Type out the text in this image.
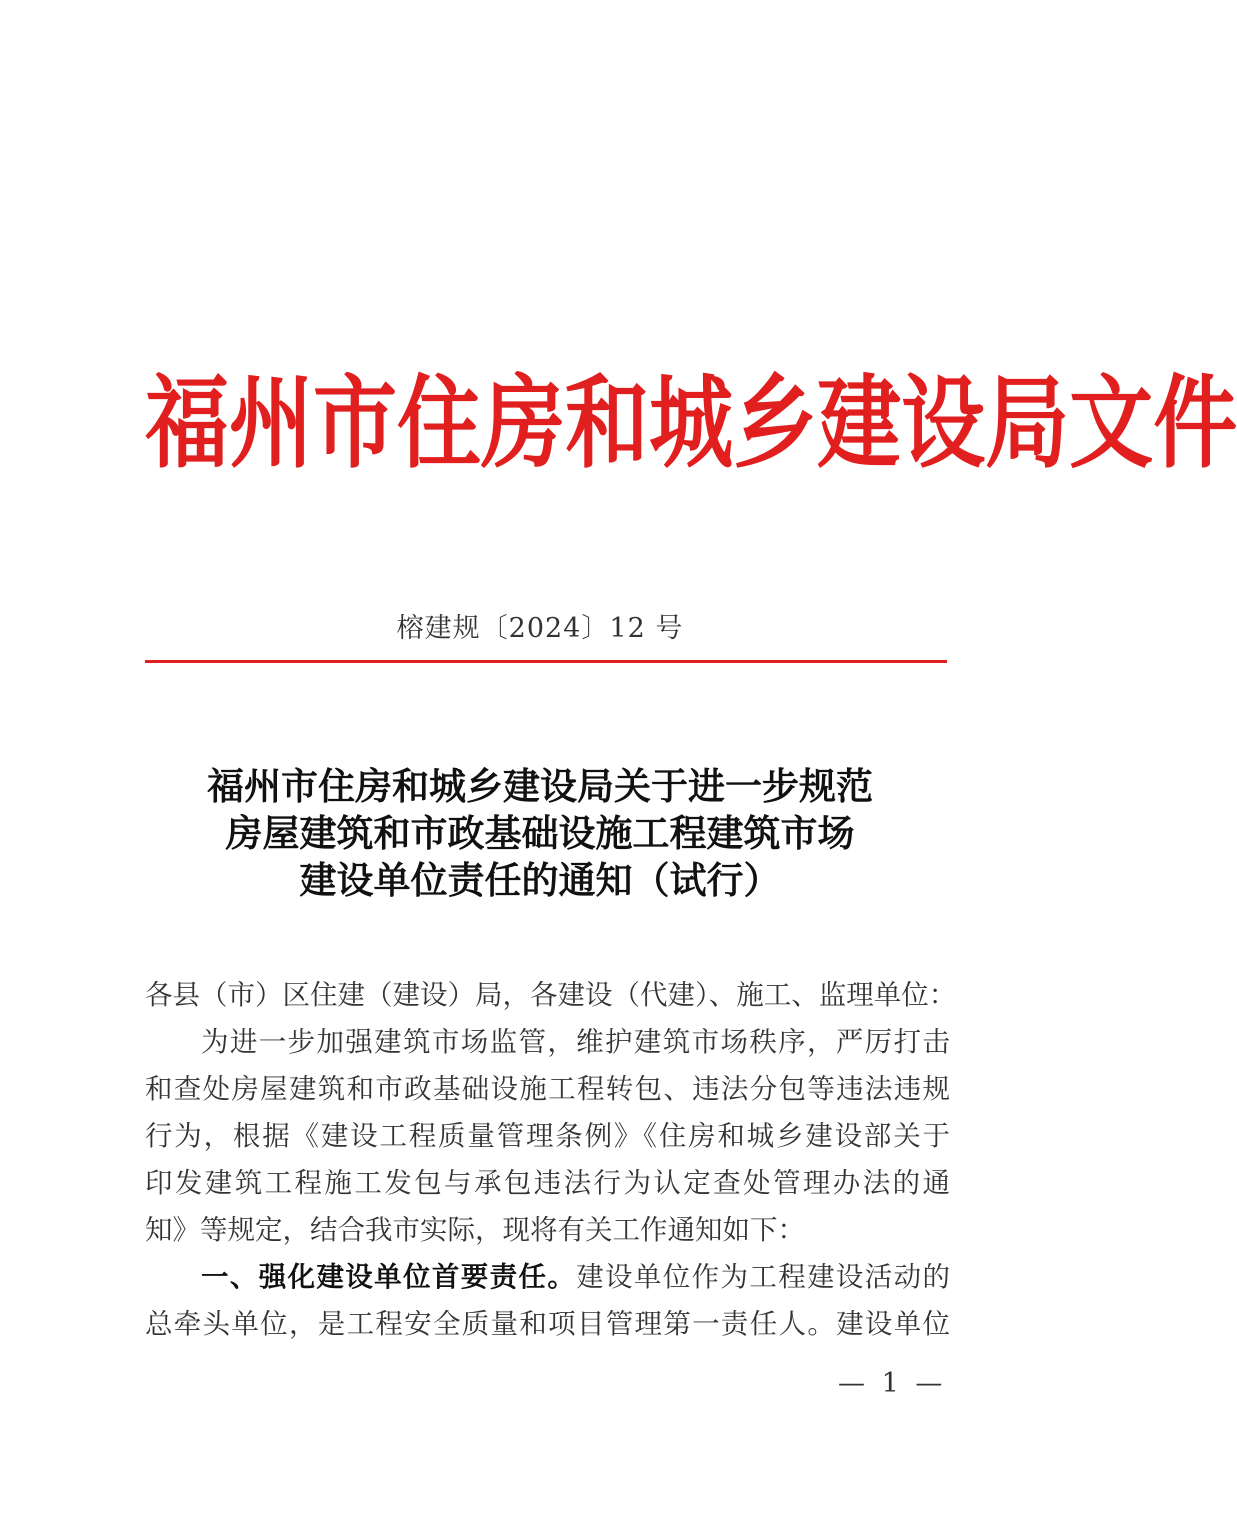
福 州 市 住 房 和 城 乡 建 设 局 文 件
榕建规〔2024〕12 号
福州市住房和城乡建设局关于进一步规范
房屋建筑和市政基础设施工程建筑市场
建设单位责任的通知（试行）
各县（市）区住建（建设）局，各建设（代建）、施工、监理单位：
为进一步加强建筑市场监管，维护建筑市场秩序，严厉打击
和查处房屋建筑和市政基础设施工程转包、违法分包等违法违规
行为，根据《建设工程质量管理条例》《住房和城乡建设部关于
印发建筑工程施工发包与承包违法行为认定查处管理办法的通
知》等规定，结合我市实际，现将有关工作通知如下：
一、强化建设单位首要责任。建设单位作为工程建设活动的
总牵头单位，是工程安全质量和项目管理第一责任人。建设单位
— 1 —
